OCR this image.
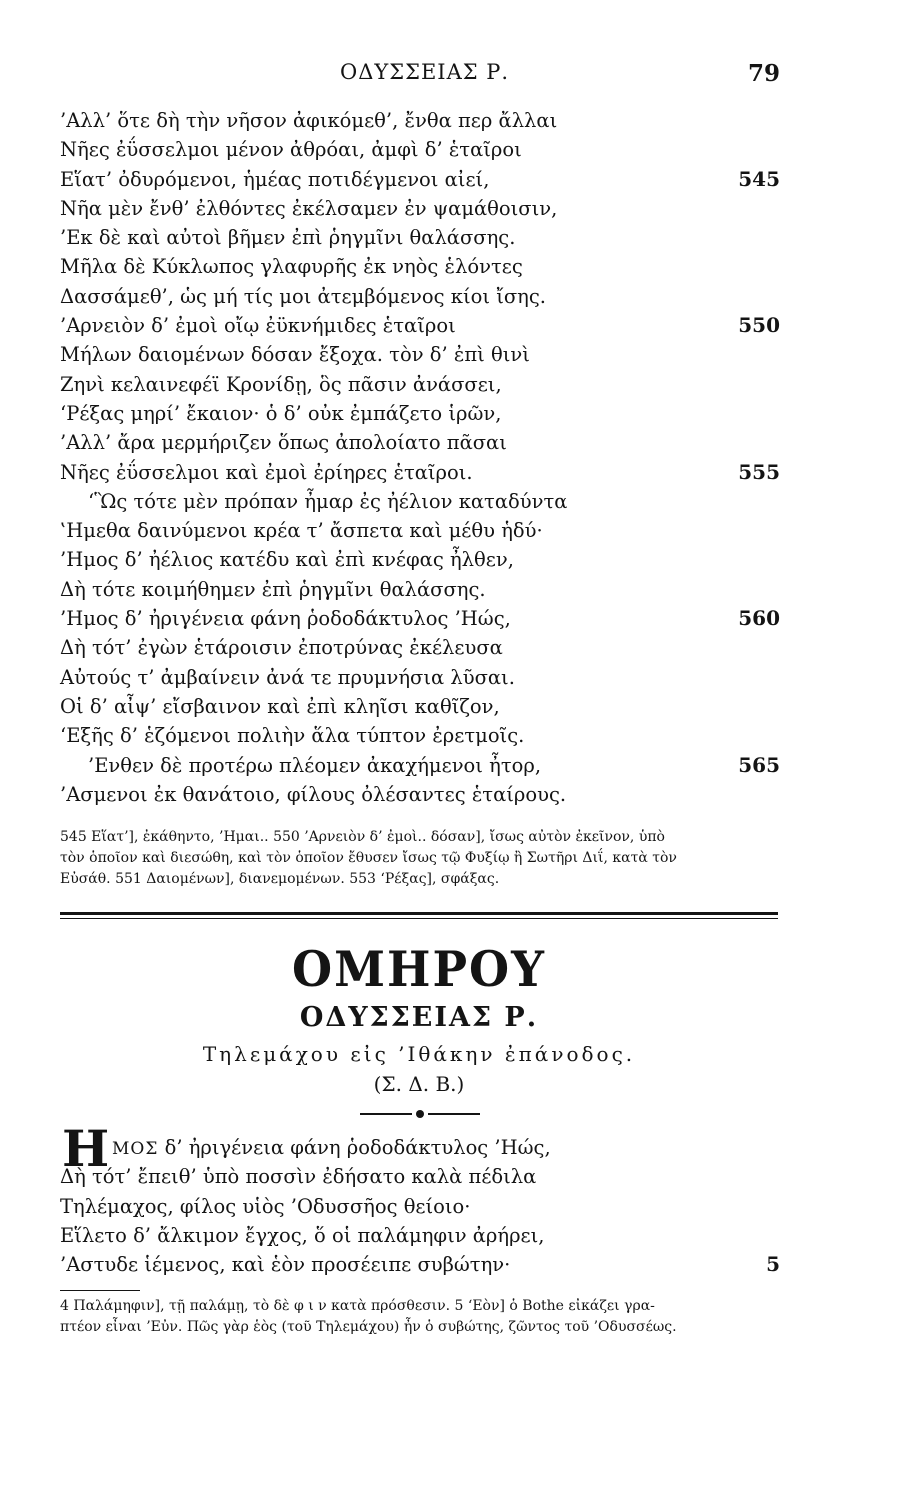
ΟΔΥΣΣΕΙΑΣ Ρ.	79
’Αλλ’ ὅτε δὴ τὴν νῆσον ἀφικόμεθ’, ἔνθα περ ἄλλαι
Νῆες ἐΰσσελμοι μένον ἀθρόαι, ἀμφὶ δ’ ἑταῖροι
Εἵατ’ ὀδυρόμενοι, ἡμέας ποτιδέγμενοι αἰεί,	545
Νῆα μὲν ἔνθ’ ἐλθόντες ἐκέλσαμεν ἐν ψαμάθοισιν,
’Εκ δὲ καὶ αὐτοὶ βῆμεν ἐπὶ ῥηγμῖνι θαλάσσης.
Μῆλα δὲ Κύκλωπος γλαφυρῆς ἐκ νηὸς ἑλόντες
Δασσάμεθ’, ὡς μή τίς μοι ἀτεμβόμενος κίοι ἴσης.
’Αρνειὸν δ’ ἐμοὶ οἴῳ ἐϋκνήμιδες ἑταῖροι	550
Μήλων δαιομένων δόσαν ἔξοχα. τὸν δ’ ἐπὶ θινὶ
Ζηνὶ κελαινεφέϊ Κρονίδῃ, ὃς πᾶσιν ἀνάσσει,
‘Ρέξας μηρί’ ἔκαιον· ὁ δ’ οὐκ ἐμπάζετο ἱρῶν,
’Αλλ’ ἄρα μερμήριζεν ὅπως ἀπολοίατο πᾶσαι
Νῆες ἐΰσσελμοι καὶ ἐμοὶ ἐρίηρες ἑταῖροι.	555
‘Ὣς τότε μὲν πρόπαν ἦμαρ ἐς ἠέλιον καταδύντα
‛Ημεθα δαινύμενοι κρέα τ’ ἄσπετα καὶ μέθυ ἡδύ·
’Ημος δ’ ἠέλιος κατέδυ καὶ ἐπὶ κνέφας ἦλθεν,
Δὴ τότε κοιμήθημεν ἐπὶ ῥηγμῖνι θαλάσσης.
’Ημος δ’ ἠριγένεια φάνη ῥοδοδάκτυλος ’Ηώς,	560
Δὴ τότ’ ἐγὼν ἑτάροισιν ἐποτρύνας ἐκέλευσα
Αὐτούς τ’ ἀμβαίνειν ἀνά τε πρυμνήσια λῦσαι.
Οἱ δ’ αἶψ’ εἴσβαινον καὶ ἐπὶ κληῖσι καθῖζον,
‘Εξῆς δ’ ἑζόμενοι πολιὴν ἅλα τύπτον ἐρετμοῖς.
’Ενθεν δὲ προτέρω πλέομεν ἀκαχήμενοι ἦτορ,	565
’Ασμενοι ἐκ θανάτοιο, φίλους ὀλέσαντες ἑταίρους.
545 Εἵατ’], ἐκάθηντο, ’Ημαι.. 550 ’Αρνειὸν δ’ ἐμοὶ.. δόσαν], ἴσως αὐτὸν ἐκεῖνον, ὑπὸ
τὸν ὁποῖον καὶ διεσώθη, καὶ τὸν ὁποῖον ἔθυσεν ἴσως τῷ Φυξίῳ ἢ Σωτῆρι Διΐ, κατὰ τὸν
Εὐσάθ. 551 Δαιομένων], διανεμομένων. 553 ‘Ρέξας], σφάξας.
ΟΜΗΡΟΥ
ΟΔΥΣΣΕΙΑΣ Ρ.
Τηλεμάχου εἰς ’Ιθάκην ἐπάνοδος.
(Σ. Δ. Β.)
Η ΜΟΣ δ’ ἠριγένεια φάνη ῥοδοδάκτυλος ’Ηώς,
Δὴ τότ’ ἔπειθ’ ὑπὸ ποσσὶν ἐδήσατο καλὰ πέδιλα
Τηλέμαχος, φίλος υἱὸς ’Οδυσσῆος θείοιο·
Εἵλετο δ’ ἄλκιμον ἔγχος, ὅ οἱ παλάμηφιν ἀρήρει,
’Αστυδε ἱέμενος, καὶ ἑὸν προσέειπε συβώτην·	5
4 Παλάμηφιν], τῇ παλάμῃ, τὸ δὲ φ ι ν κατὰ πρόσθεσιν. 5 ‘Εὸν] ὁ Bothe εἰκάζει γρα-
πτέον εἶναι ’Εὐν. Πῶς γὰρ ἑὸς (τοῦ Τηλεμάχου) ἦν ὁ συβώτης, ζῶντος τοῦ ’Οδυσσέως.
